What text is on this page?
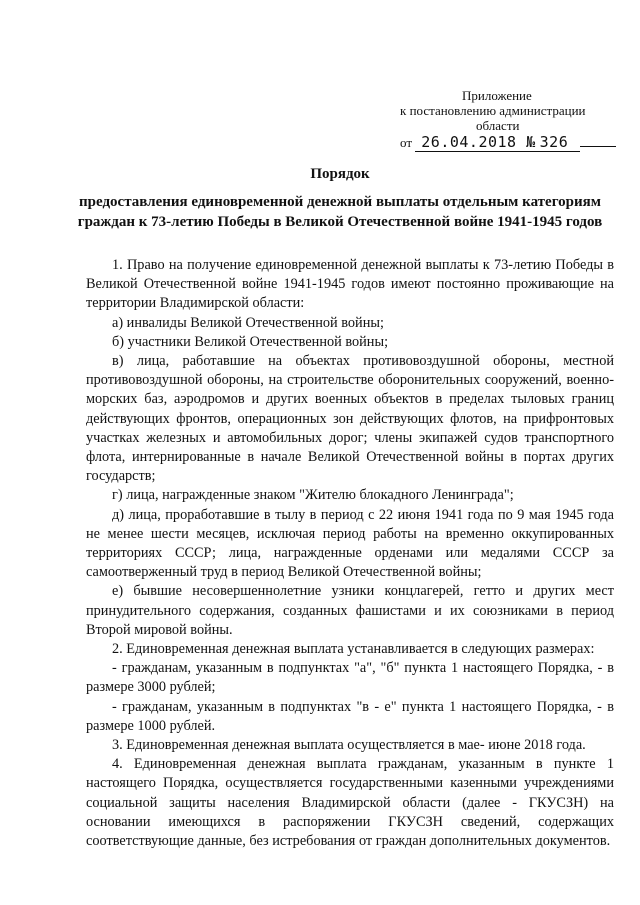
Приложение
к постановлению администрации
области
от 26.04.2018 № 326
Порядок
предоставления единовременной денежной выплаты отдельным категориям
граждан к 73-летию Победы в Великой Отечественной войне 1941-1945 годов

1. Право на получение единовременной денежной выплаты к 73-летию Победы в Великой Отечественной войне 1941-1945 годов имеют постоянно проживающие на территории Владимирской области:

а) инвалиды Великой Отечественной войны;

б) участники Великой Отечественной войны;

в) лица, работавшие на объектах противовоздушной обороны, местной противовоздушной обороны, на строительстве оборонительных сооружений, военно-морских баз, аэродромов и других военных объектов в пределах тыловых границ действующих фронтов, операционных зон действующих флотов, на прифронтовых участках железных и автомобильных дорог; члены экипажей судов транспортного флота, интернированные в начале Великой Отечественной войны в портах других государств;

г) лица, награжденные знаком "Жителю блокадного Ленинграда";

д) лица, проработавшие в тылу в период с 22 июня 1941 года по 9 мая 1945 года не менее шести месяцев, исключая период работы на временно оккупированных территориях СССР; лица, награжденные орденами или медалями СССР за самоотверженный труд в период Великой Отечественной войны;

е) бывшие несовершеннолетние узники концлагерей, гетто и других мест принудительного содержания, созданных фашистами и их союзниками в период Второй мировой войны.

2. Единовременная денежная выплата устанавливается в следующих размерах:

- гражданам, указанным в подпунктах "а", "б" пункта 1 настоящего Порядка, - в размере 3000 рублей;

- гражданам, указанным в подпунктах "в - е" пункта 1 настоящего Порядка, - в размере 1000 рублей.

3. Единовременная денежная выплата осуществляется в мае- июне 2018 года.

4. Единовременная денежная выплата гражданам, указанным в пункте 1 настоящего Порядка, осуществляется государственными казенными учреждениями социальной защиты населения Владимирской области (далее - ГКУСЗН) на основании имеющихся в распоряжении ГКУСЗН сведений, содержащих соответствующие данные, без истребования от граждан дополнительных документов.
